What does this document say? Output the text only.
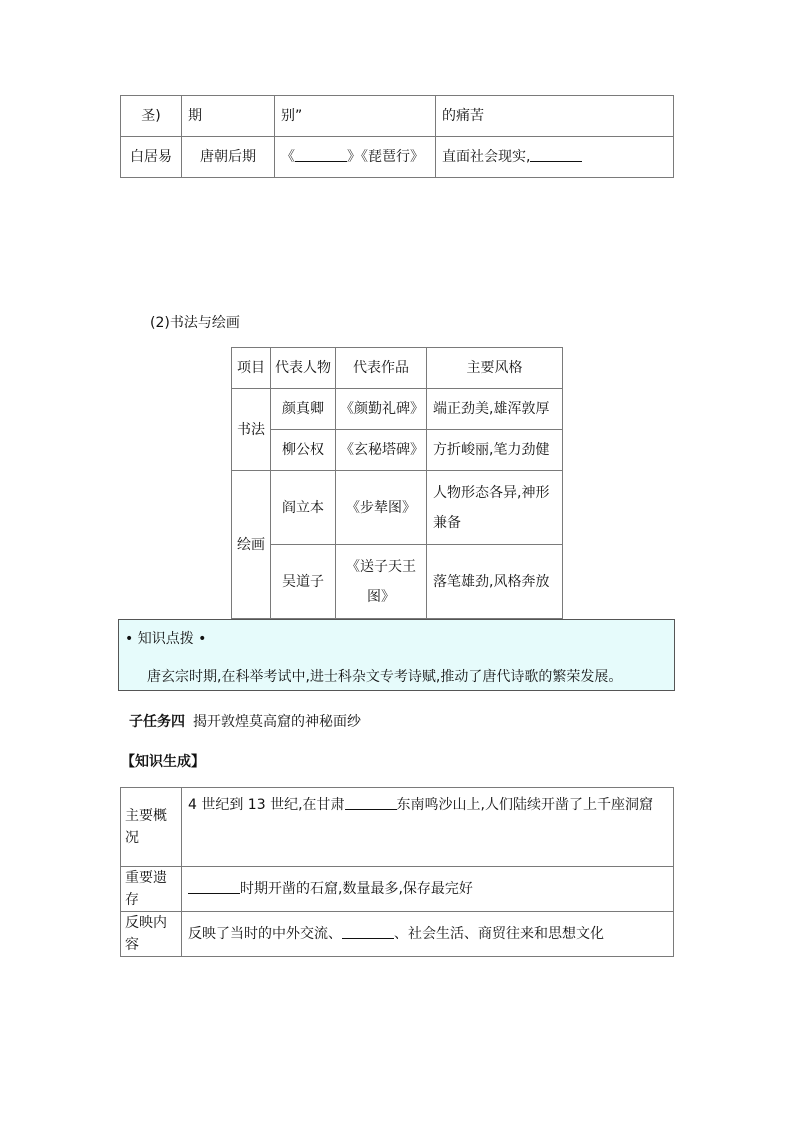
圣)	期	别”	的痛苦
白居易	唐朝后期	《 》《琵琶行》	直面社会现实,
(2)书法与绘画
项目	代表人物	代表作品	主要风格
书法	颜真卿	《颜勤礼碑》	端正劲美,雄浑敦厚
	柳公权	《玄秘塔碑》	方折峻丽,笔力劲健
绘画	阎立本	《步辇图》	人物形态各异,神形兼备
	吴道子	《送子天王图》	落笔雄劲,风格奔放
• 知识点拨 •
唐玄宗时期,在科举考试中,进士科杂文专考诗赋,推动了唐代诗歌的繁荣发展。
子任务四 揭开敦煌莫高窟的神秘面纱
【知识生成】
主要概况	4 世纪到 13 世纪,在甘肃 东南鸣沙山上,人们陆续开凿了上千座洞窟
重要遗存	时期开凿的石窟,数量最多,保存最完好
反映内容	反映了当时的中外交流、 、社会生活、商贸往来和思想文化
